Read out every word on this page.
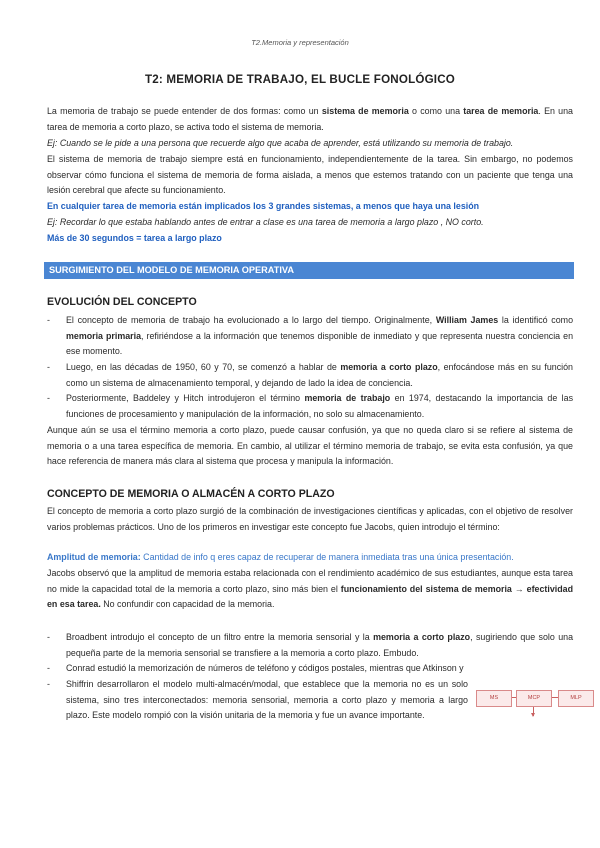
T2.Memoria y representación
T2: MEMORIA DE TRABAJO, EL BUCLE FONOLÓGICO
La memoria de trabajo se puede entender de dos formas: como un sistema de memoria o como una tarea de memoria. En una tarea de memoria a corto plazo, se activa todo el sistema de memoria.
Ej: Cuando se le pide a una persona que recuerde algo que acaba de aprender, está utilizando su memoria de trabajo.
El sistema de memoria de trabajo siempre está en funcionamiento, independientemente de la tarea. Sin embargo, no podemos observar cómo funciona el sistema de memoria de forma aislada, a menos que estemos tratando con un paciente que tenga una lesión cerebral que afecte su funcionamiento.
En cualquier tarea de memoria están implicados los 3 grandes sistemas, a menos que haya una lesión
Ej: Recordar lo que estaba hablando antes de entrar a clase es una tarea de memoria a largo plazo , NO corto.
Más de 30 segundos = tarea a largo plazo
SURGIMIENTO DEL MODELO DE MEMORIA OPERATIVA
EVOLUCIÓN DEL CONCEPTO
-	El concepto de memoria de trabajo ha evolucionado a lo largo del tiempo. Originalmente, William James la identificó como memoria primaria, refiriéndose a la información que tenemos disponible de inmediato y que representa nuestra conciencia en ese momento.
-	Luego, en las décadas de 1950, 60 y 70, se comenzó a hablar de memoria a corto plazo, enfocándose más en su función como un sistema de almacenamiento temporal, y dejando de lado la idea de conciencia.
-	Posteriormente, Baddeley y Hitch introdujeron el término memoria de trabajo en 1974, destacando la importancia de las funciones de procesamiento y manipulación de la información, no solo su almacenamiento.
Aunque aún se usa el término memoria a corto plazo, puede causar confusión, ya que no queda claro si se refiere al sistema de memoria o a una tarea específica de memoria. En cambio, al utilizar el término memoria de trabajo, se evita esta confusión, ya que hace referencia de manera más clara al sistema que procesa y manipula la información.
CONCEPTO DE MEMORIA O ALMACÉN A CORTO PLAZO
El concepto de memoria a corto plazo surgió de la combinación de investigaciones científicas y aplicadas, con el objetivo de resolver varios problemas prácticos. Uno de los primeros en investigar este concepto fue Jacobs, quien introdujo el término:
Amplitud de memoria: Cantidad de info q eres capaz de recuperar de manera inmediata tras una única presentación.
Jacobs observó que la amplitud de memoria estaba relacionada con el rendimiento académico de sus estudiantes, aunque esta tarea no mide la capacidad total de la memoria a corto plazo, sino más bien el funcionamiento del sistema de memoria → efectividad en esa tarea. No confundir con capacidad de la memoria.
-	Broadbent introdujo el concepto de un filtro entre la memoria sensorial y la memoria a corto plazo, sugiriendo que solo una pequeña parte de la memoria sensorial se transfiere a la memoria a corto plazo. Embudo.
-	Conrad estudió la memorización de números de teléfono y códigos postales, mientras que Atkinson y
-	Shiffrin desarrollaron el modelo multi-almacén/modal, que establece que la memoria no es un solo sistema, sino tres interconectados: memoria sensorial, memoria a corto plazo y memoria a largo plazo. Este modelo rompió con la visión unitaria de la memoria y fue un avance importante.
MS	MCP	MLP
